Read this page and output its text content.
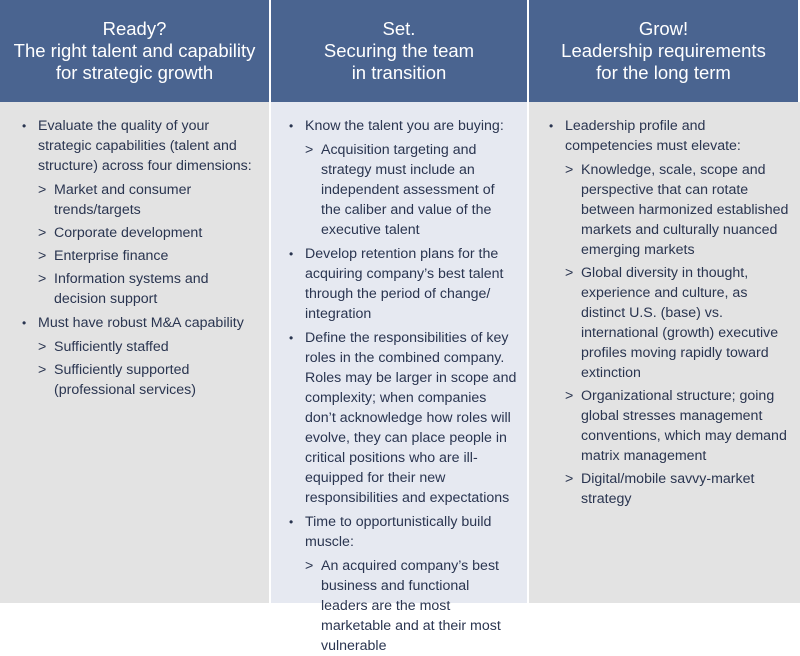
Ready?
The right talent and capability
for strategic growth
Set.
Securing the team
in transition
Grow!
Leadership requirements
for the long term
• Evaluate the quality of your strategic capabilities (talent and structure) across four dimensions:
> Market and consumer trends/targets
> Corporate development
> Enterprise finance
> Information systems and decision support
• Must have robust M&A capability
> Sufficiently staffed
> Sufficiently supported (professional services)
• Know the talent you are buying:
> Acquisition targeting and strategy must include an independent assessment of the caliber and value of the executive talent
• Develop retention plans for the acquiring company’s best talent through the period of change/ integration
• Define the responsibilities of key roles in the combined company. Roles may be larger in scope and complexity; when companies don’t acknowledge how roles will evolve, they can place people in critical positions who are ill-equipped for their new responsibilities and expectations
• Time to opportunistically build muscle:
> An acquired company’s best business and functional leaders are the most marketable and at their most vulnerable
• Leadership profile and competencies must elevate:
> Knowledge, scale, scope and perspective that can rotate between harmonized established markets and culturally nuanced emerging markets
> Global diversity in thought, experience and culture, as distinct U.S. (base) vs. international (growth) executive profiles moving rapidly toward extinction
> Organizational structure; going global stresses management conventions, which may demand matrix management
> Digital/mobile savvy-market strategy
